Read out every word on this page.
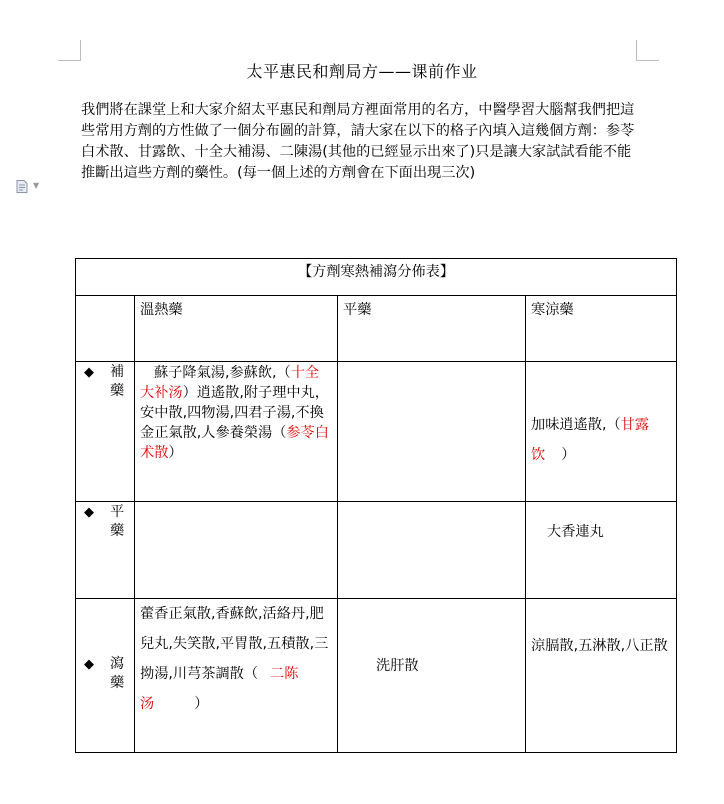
▼
太平惠民和劑局方——课前作业
我們將在課堂上和大家介紹太平惠民和劑局方裡面常用的名方，中醫學習大腦幫我們把這些常用方劑的方性做了一個分布圖的計算，請大家在以下的格子內填入這幾個方劑：参苓白术散、甘露飲、十全大補湯、二陳湯(其他的已經显示出來了)只是讓大家試試看能不能推斷出這些方劑的藥性。(每一個上述的方劑會在下面出現三次)
【方劑寒熱補瀉分佈表】			
	溫熱藥	平藥	寒涼藥

◆ 補藥	蘇子降氣湯,参蘇飲,（十全大补汤）逍遙散,附子理中丸，安中散,四物湯,四君子湯,不換金正氣散,人參養榮湯（参苓白术散）		加味逍遙散,（甘露饮 ）

◆ 平藥			大香連丸

◆ 瀉藥	藿香正氣散,香蘇飲,活絡丹,肥兒丸,失笑散,平胃散,五積散,三拗湯,川芎茶調散（ 二陈汤 ）	洗肝散	涼膈散,五淋散,八正散
